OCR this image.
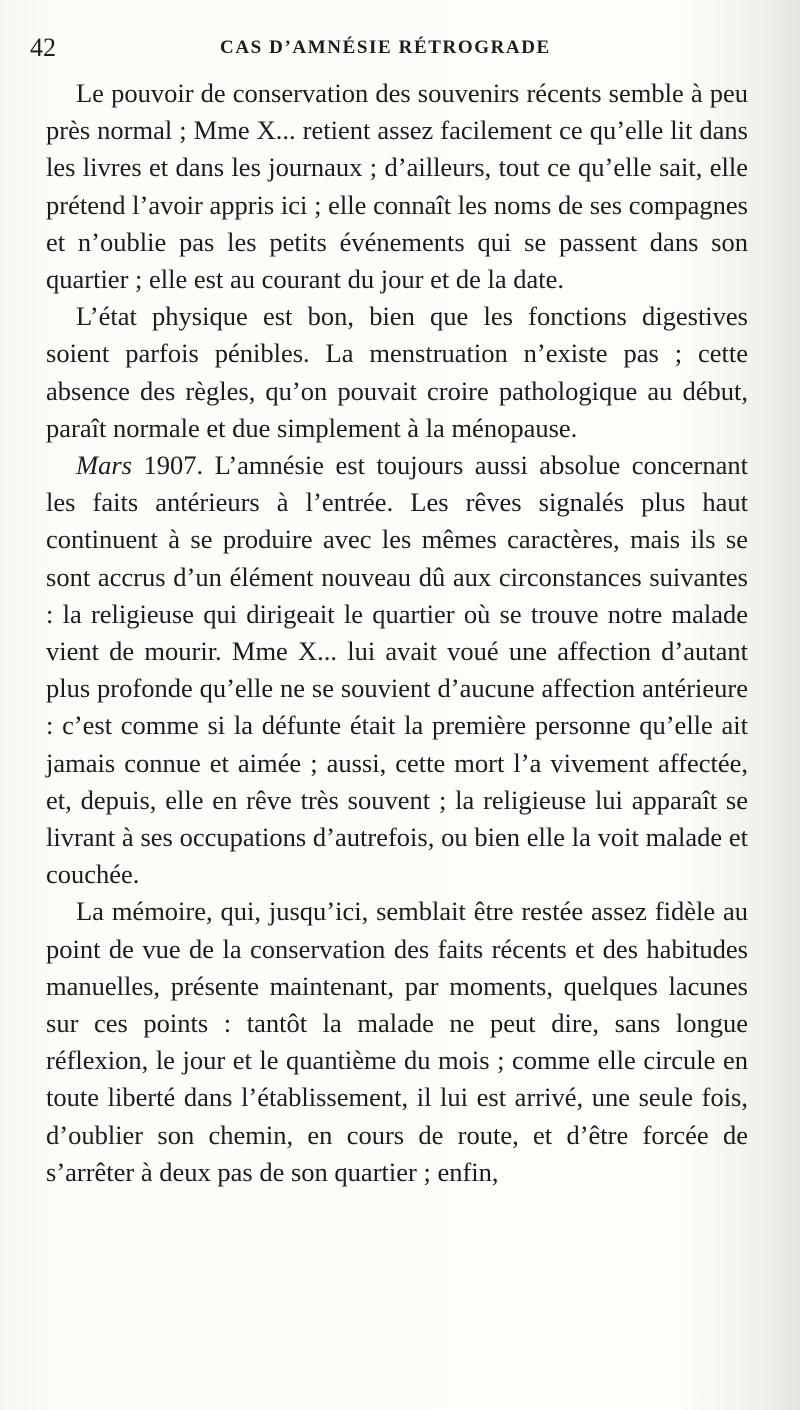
42	CAS D’AMNÉSIE RÉTROGRADE

Le pouvoir de conservation des souvenirs récents semble à peu près normal ; Mme X... retient assez facilement ce qu’elle lit dans les livres et dans les journaux ; d’ailleurs, tout ce qu’elle sait, elle prétend l’avoir appris ici ; elle connaît les noms de ses compagnes et n’oublie pas les petits événements qui se passent dans son quartier ; elle est au courant du jour et de la date.

L’état physique est bon, bien que les fonctions digestives soient parfois pénibles. La menstruation n’existe pas ; cette absence des règles, qu’on pouvait croire pathologique au début, paraît normale et due simplement à la ménopause.

Mars 1907. L’amnésie est toujours aussi absolue concernant les faits antérieurs à l’entrée. Les rêves signalés plus haut continuent à se produire avec les mêmes caractères, mais ils se sont accrus d’un élément nouveau dû aux circonstances suivantes : la religieuse qui dirigeait le quartier où se trouve notre malade vient de mourir. Mme X... lui avait voué une affection d’autant plus profonde qu’elle ne se souvient d’aucune affection antérieure : c’est comme si la défunte était la première personne qu’elle ait jamais connue et aimée ; aussi, cette mort l’a vivement affectée, et, depuis, elle en rêve très souvent ; la religieuse lui apparaît se livrant à ses occupations d’autrefois, ou bien elle la voit malade et couchée.

La mémoire, qui, jusqu’ici, semblait être restée assez fidèle au point de vue de la conservation des faits récents et des habitudes manuelles, présente maintenant, par moments, quelques lacunes sur ces points : tantôt la malade ne peut dire, sans longue réflexion, le jour et le quantième du mois ; comme elle circule en toute liberté dans l’établissement, il lui est arrivé, une seule fois, d’oublier son chemin, en cours de route, et d’être forcée de s’arrêter à deux pas de son quartier ; enfin,
